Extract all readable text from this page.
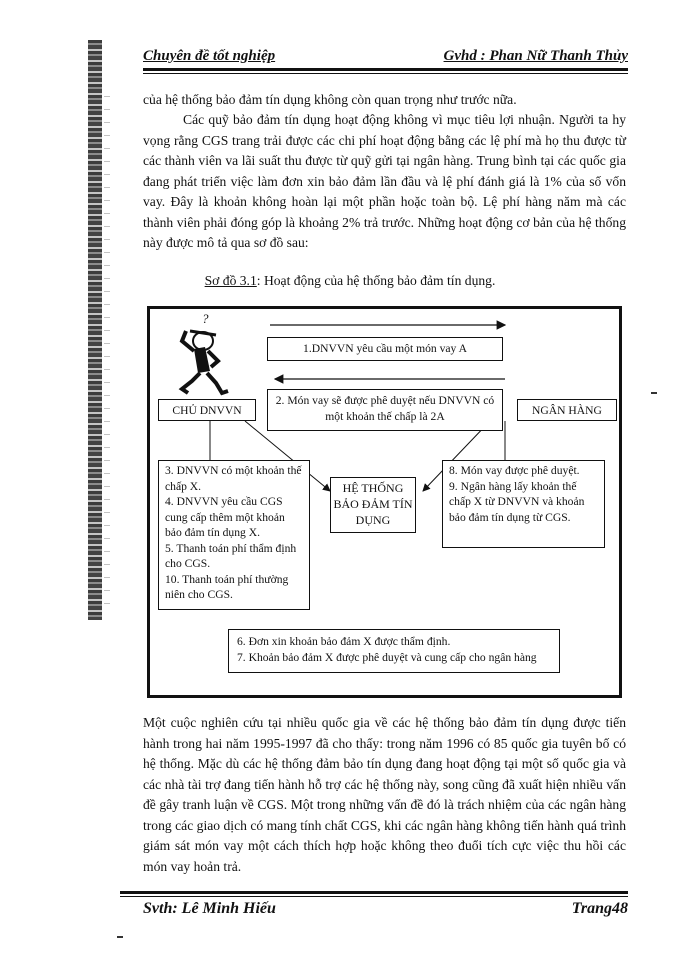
Chuyên đề tốt nghiệp	Gvhd : Phan Nữ Thanh Thủy

của hệ thống bảo đảm tín dụng không còn quan trọng như trước nữa.

Các quỹ bảo đảm tín dụng hoạt động không vì mục tiêu lợi nhuận. Người ta hy vọng rằng CGS trang trải được các chi phí hoạt động bằng các lệ phí mà họ thu được từ các thành viên va lãi suất thu được từ quỹ gửi tại ngân hàng. Trung bình tại các quốc gia đang phát triển việc làm đơn xin bảo đảm lần đầu và lệ phí đánh giá là 1% của số vốn vay. Đây là khoản không hoàn lại một phần hoặc toàn bộ. Lệ phí hàng năm mà các thành viên phải đóng góp là khoảng 2% trả trước. Những hoạt động cơ bản của hệ thống này được mô tả qua sơ đồ sau:

Sơ đồ 3.1: Hoạt động của hệ thống bảo đảm tín dụng.
?
1.DNVVN yêu cầu một món vay A
2. Món vay sẽ được phê duyệt nếu DNVVN có một khoản thế chấp là 2A
CHỦ DNVVN	NGÂN HÀNG
3. DNVVN có một khoản thế chấp X.
4. DNVVN yêu cầu CGS cung cấp thêm một khoản bảo đảm tín dụng X.
5. Thanh toán phí thẩm định cho CGS.
10. Thanh toán phí thường niên cho CGS.
HỆ THỐNG BẢO ĐẢM TÍN DỤNG
8. Món vay được phê duyệt.
9. Ngân hàng lấy khoản thế chấp X từ DNVVN và khoản bảo đảm tín dụng từ CGS.
6. Đơn xin khoản bảo đảm X được thẩm định.
7. Khoản bảo đảm X được phê duyệt và cung cấp cho ngân hàng

Một cuộc nghiên cứu tại nhiều quốc gia về các hệ thống bảo đảm tín dụng được tiến hành trong hai năm 1995-1997 đã cho thấy: trong năm 1996 có 85 quốc gia tuyên bố có hệ thống. Mặc dù các hệ thống đảm bảo tín dụng đang hoạt động tại một số quốc gia và các nhà tài trợ đang tiến hành hỗ trợ các hệ thống này, song cũng đã xuất hiện nhiều vấn đề gây tranh luận về CGS. Một trong những vấn đề đó là trách nhiệm của các ngân hàng trong các giao dịch có mang tính chất CGS, khi các ngân hàng không tiến hành quá trình giám sát món vay một cách thích hợp hoặc không theo đuổi tích cực việc thu hồi các món vay hoản trả.

Svth: Lê Minh Hiếu	Trang48
